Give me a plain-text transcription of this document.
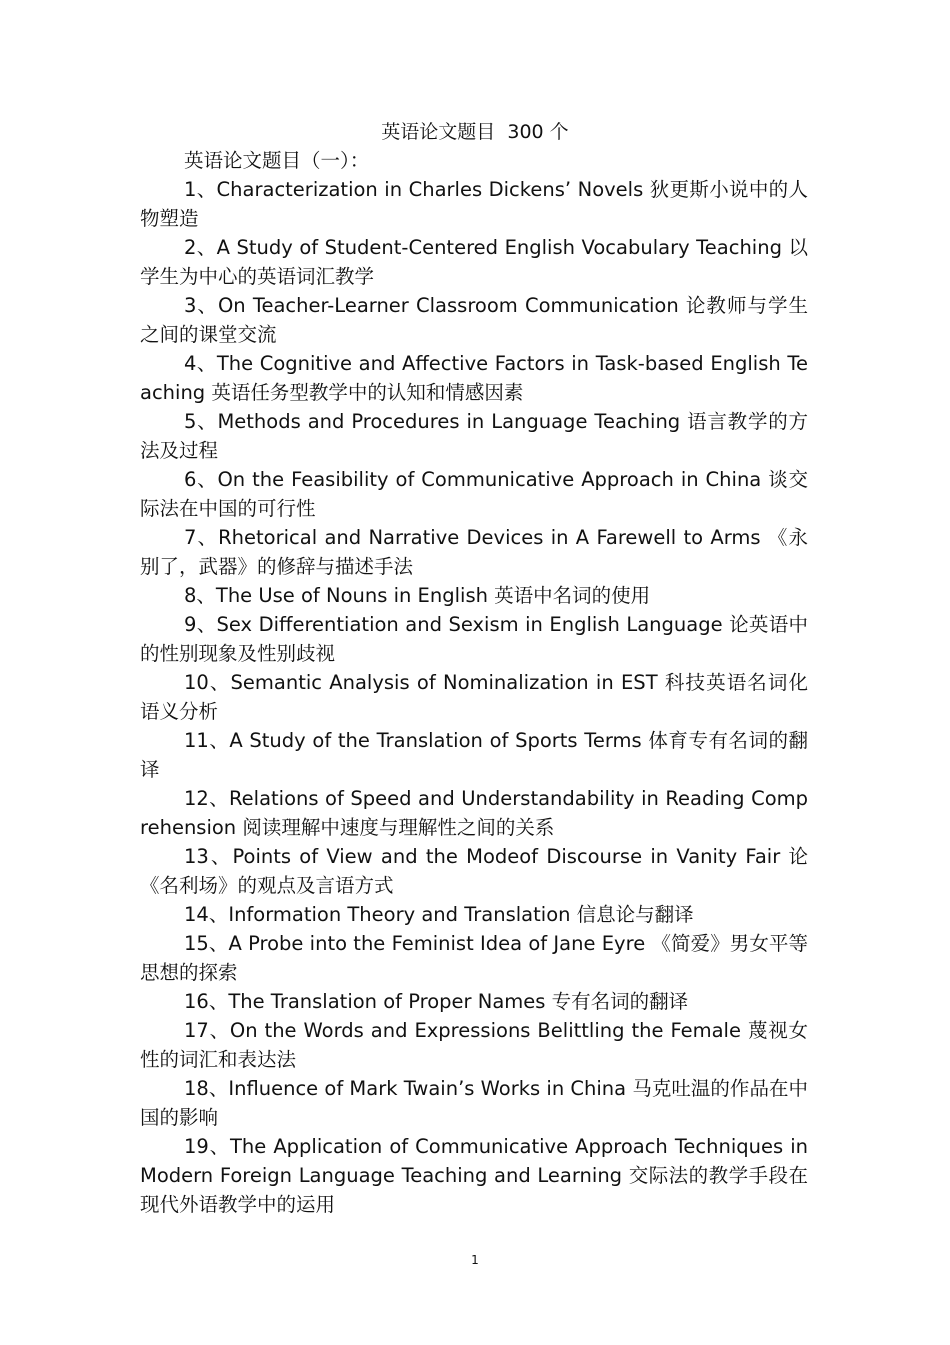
英语论文题目  300 个

英语论文题目（一）：

1、Characterization in Charles Dickens’ Novels 狄更斯小说中的人物塑造

2、A Study of Student-Centered English Vocabulary Teaching 以学生为中心的英语词汇教学

3、On Teacher-Learner Classroom Communication 论教师与学生之间的课堂交流

4、The Cognitive and Affective Factors in Task-based English Teaching 英语任务型教学中的认知和情感因素

5、Methods and Procedures in Language Teaching 语言教学的方法及过程

6、On the Feasibility of Communicative Approach in China 谈交际法在中国的可行性

7、Rhetorical and Narrative Devices in A Farewell to Arms 《永别了，武器》的修辞与描述手法

8、The Use of Nouns in English 英语中名词的使用

9、Sex Differentiation and Sexism in English Language 论英语中的性别现象及性别歧视

10、Semantic Analysis of Nominalization in EST 科技英语名词化语义分析

11、A Study of the Translation of Sports Terms 体育专有名词的翻译

12、Relations of Speed and Understandability in Reading Comprehension 阅读理解中速度与理解性之间的关系

13、Points of View and the Modeof Discourse in Vanity Fair 论《名利场》的观点及言语方式

14、Information Theory and Translation 信息论与翻译

15、A Probe into the Feminist Idea of Jane Eyre 《简爱》男女平等思想的探索

16、The Translation of Proper Names 专有名词的翻译

17、On the Words and Expressions Belittling the Female 蔑视女性的词汇和表达法

18、Influence of Mark Twain’s Works in China 马克吐温的作品在中国的影响

19、The Application of Communicative Approach Techniques in Modern Foreign Language Teaching and Learning 交际法的教学手段在现代外语教学中的运用

1
